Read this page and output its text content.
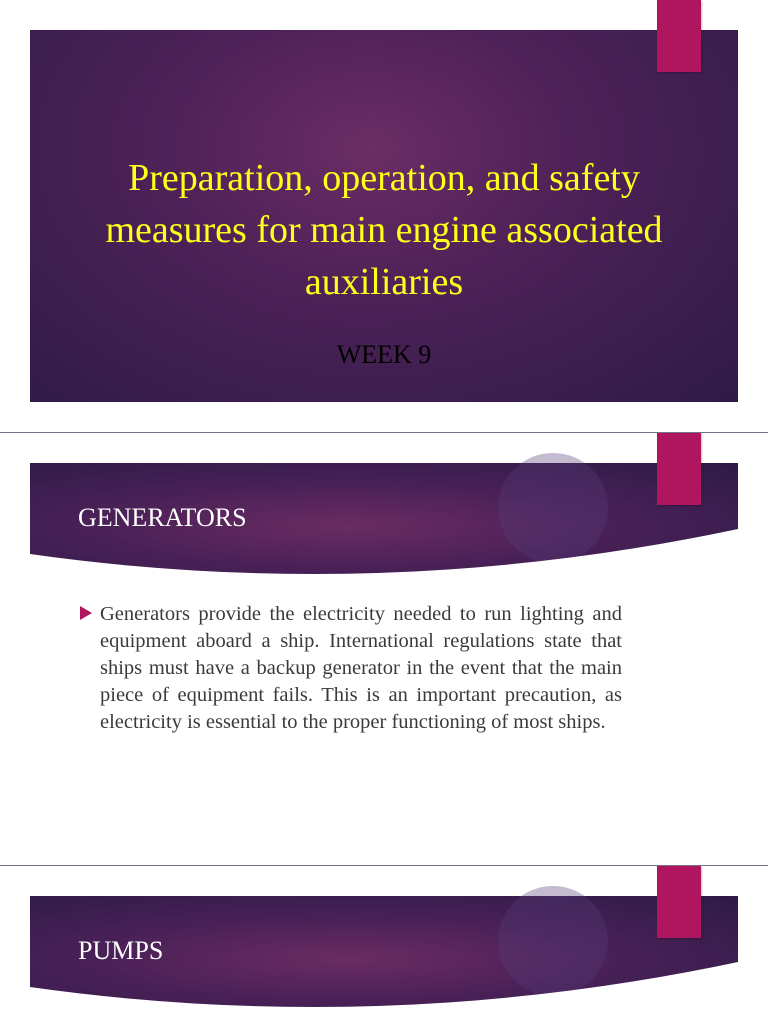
Preparation, operation, and safety measures for main engine associated auxiliaries

WEEK 9

GENERATORS

Generators provide the electricity needed to run lighting and equipment aboard a ship. International regulations state that ships must have a backup generator in the event that the main piece of equipment fails. This is an important precaution, as electricity is essential to the proper functioning of most ships.

PUMPS
